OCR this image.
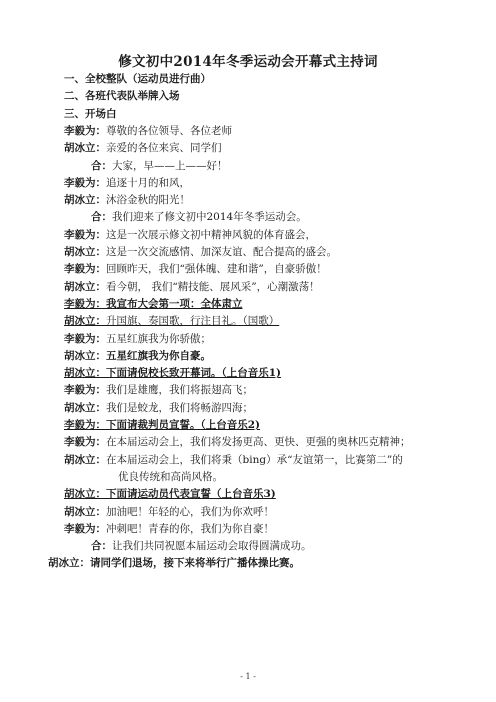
修文初中2014年冬季运动会开幕式主持词
一、全校整队（运动员进行曲）
二、各班代表队举牌入场
三、开场白
李毅为：尊敬的各位领导、各位老师
胡冰立：亲爱的各位来宾、同学们
合：大家，早——上——好！
李毅为：追逐十月的和风，
胡冰立：沐浴金秋的阳光！
合：我们迎来了修文初中2014年冬季运动会。
李毅为：这是一次展示修文初中精神风貌的体育盛会，
胡冰立：这是一次交流感情、加深友谊、配合提高的盛会。
李毅为：回顾昨天，我们“强体魄、建和谐”，自豪骄傲！
胡冰立：看今朝， 我们“精技能、展风采”，心潮激荡！
李毅为：我宣布大会第一项：全体肃立
胡冰立：升国旗、奏国歌，行注目礼。（国歌）
李毅为：五星红旗我为你骄傲；
胡冰立：五星红旗我为你自豪。
胡冰立：下面请倪校长致开幕词。（上台音乐1)
李毅为：我们是雄鹰，我们将振翅高飞；
胡冰立：我们是蛟龙，我们将畅游四海；
李毅为：下面请裁判员宣誓。（上台音乐2)
李毅为：在本届运动会上，我们将发扬更高、更快、更强的奥林匹克精神；
胡冰立：在本届运动会上，我们将秉（bing）承“友谊第一，比赛第二”的
优良传统和高尚风格。
胡冰立：下面请运动员代表宣誓（上台音乐3)
胡冰立：加油吧！年轻的心，我们为你欢呼！
李毅为：冲刺吧！青春的你，我们为你自豪！
合：让我们共同祝愿本届运动会取得圆满成功。
胡冰立：请同学们退场，接下来将举行广播体操比赛。
- 1 -
